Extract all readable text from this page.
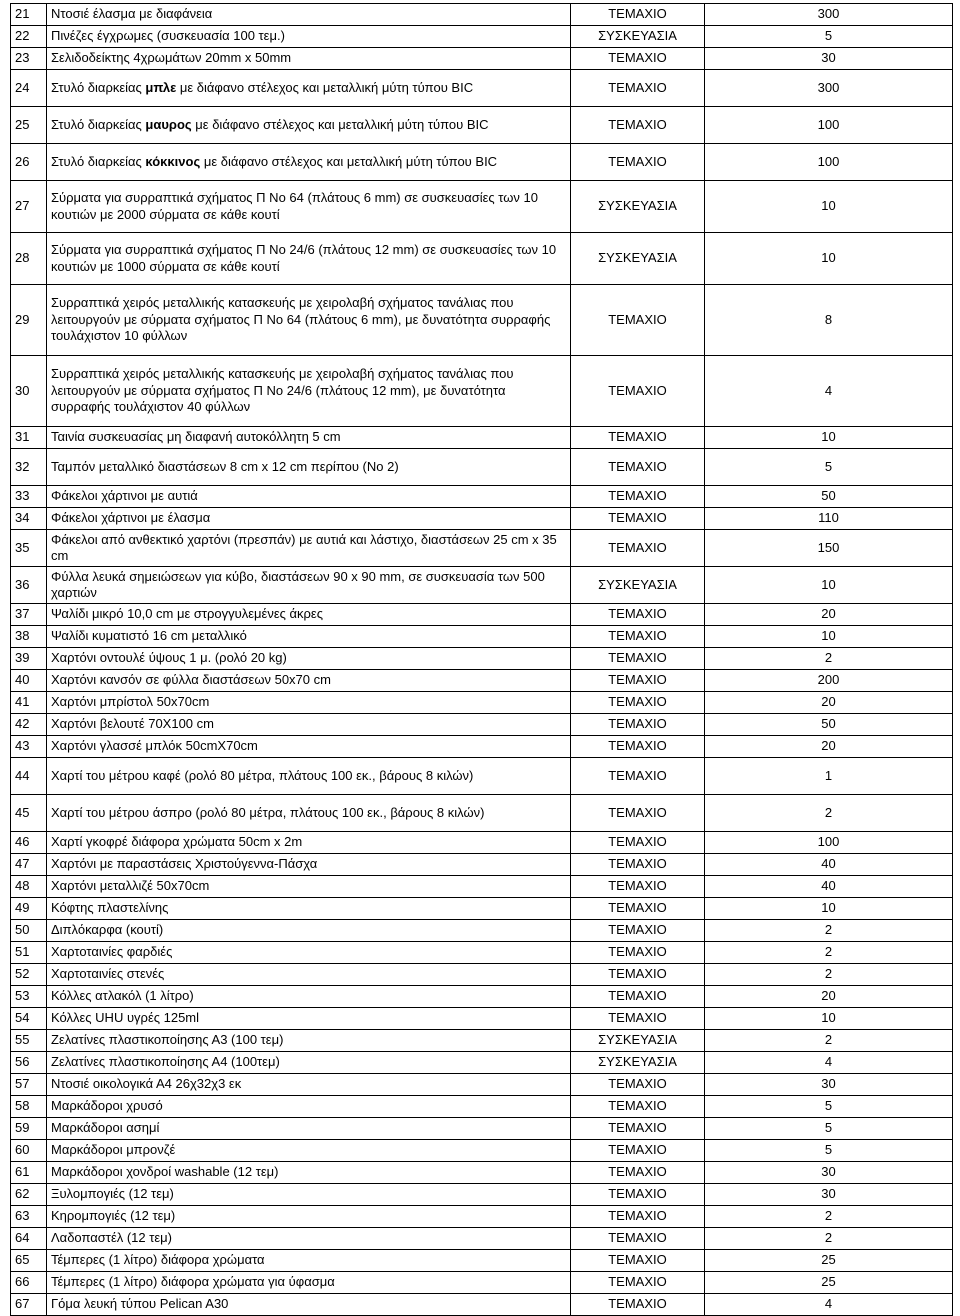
21	Ντοσιέ έλασμα με διαφάνεια	ΤΕΜΑΧΙΟ	300
22	Πινέζες έγχρωμες (συσκευασία 100 τεμ.)	ΣΥΣΚΕΥΑΣΙΑ	5
23	Σελιδοδείκτης 4χρωμάτων 20mm x 50mm	ΤΕΜΑΧΙΟ	30
24	Στυλό διαρκείας μπλε με διάφανο στέλεχος και μεταλλική μύτη τύπου BIC	ΤΕΜΑΧΙΟ	300
25	Στυλό διαρκείας μαυρος με διάφανο στέλεχος και μεταλλική μύτη τύπου BIC	ΤΕΜΑΧΙΟ	100
26	Στυλό διαρκείας κόκκινος με διάφανο στέλεχος και μεταλλική μύτη τύπου BIC	ΤΕΜΑΧΙΟ	100
27	Σύρματα για συρραπτικά σχήματος Π Νο 64 (πλάτους 6 mm) σε συσκευασίες των 10 κουτιών με 2000 σύρματα σε κάθε κουτί	ΣΥΣΚΕΥΑΣΙΑ	10
28	Σύρματα για συρραπτικά σχήματος Π Νο 24/6 (πλάτους 12 mm) σε συσκευασίες των 10 κουτιών με 1000 σύρματα σε κάθε κουτί	ΣΥΣΚΕΥΑΣΙΑ	10
29	Συρραπτικά χειρός μεταλλικής κατασκευής με χειρολαβή σχήματος τανάλιας που λειτουργούν με σύρματα σχήματος Π Νο 64 (πλάτους 6 mm), με δυνατότητα συρραφής τουλάχιστον 10 φύλλων	ΤΕΜΑΧΙΟ	8
30	Συρραπτικά χειρός μεταλλικής κατασκευής με χειρολαβή σχήματος τανάλιας που λειτουργούν με σύρματα σχήματος Π Νο 24/6 (πλάτους 12 mm), με δυνατότητα συρραφής τουλάχιστον 40 φύλλων	ΤΕΜΑΧΙΟ	4
31	Ταινία συσκευασίας μη διαφανή αυτοκόλλητη 5 cm	ΤΕΜΑΧΙΟ	10
32	Ταμπόν μεταλλικό διαστάσεων 8 cm x 12 cm περίπου (Νο 2)	ΤΕΜΑΧΙΟ	5
33	Φάκελοι χάρτινοι με αυτιά	ΤΕΜΑΧΙΟ	50
34	Φάκελοι χάρτινοι με έλασμα	ΤΕΜΑΧΙΟ	110
35	Φάκελοι από ανθεκτικό χαρτόνι (πρεσπάν) με αυτιά και λάστιχο, διαστάσεων 25 cm x 35 cm	ΤΕΜΑΧΙΟ	150
36	Φύλλα λευκά σημειώσεων για κύβο, διαστάσεων 90 x 90 mm, σε συσκευασία των 500 χαρτιών	ΣΥΣΚΕΥΑΣΙΑ	10
37	Ψαλίδι μικρό 10,0 cm με στρογγυλεμένες άκρες	ΤΕΜΑΧΙΟ	20
38	Ψαλίδι κυματιστό 16 cm μεταλλικό	ΤΕΜΑΧΙΟ	10
39	Χαρτόνι οντουλέ ύψους 1 μ. (ρολό 20 kg)	ΤΕΜΑΧΙΟ	2
40	Χαρτόνι κανσόν σε φύλλα διαστάσεων 50x70 cm	ΤΕΜΑΧΙΟ	200
41	Χαρτόνι μπρίστολ 50x70cm	ΤΕΜΑΧΙΟ	20
42	Χαρτόνι βελουτέ 70Χ100 cm	ΤΕΜΑΧΙΟ	50
43	Χαρτόνι γλασσέ μπλόκ 50cmX70cm	ΤΕΜΑΧΙΟ	20
44	Χαρτί του μέτρου καφέ (ρολό 80 μέτρα, πλάτους 100 εκ., βάρους 8 κιλών)	ΤΕΜΑΧΙΟ	1
45	Χαρτί του μέτρου άσπρο (ρολό 80 μέτρα, πλάτους 100 εκ., βάρους 8 κιλών)	ΤΕΜΑΧΙΟ	2
46	Χαρτί γκοφρέ διάφορα χρώματα 50cm x 2m	ΤΕΜΑΧΙΟ	100
47	Χαρτόνι με παραστάσεις Χριστούγεννα-Πάσχα	ΤΕΜΑΧΙΟ	40
48	Χαρτόνι μεταλλιζέ 50x70cm	ΤΕΜΑΧΙΟ	40
49	Κόφτης πλαστελίνης	ΤΕΜΑΧΙΟ	10
50	Διπλόκαρφα (κουτί)	ΤΕΜΑΧΙΟ	2
51	Χαρτοταινίες φαρδιές	ΤΕΜΑΧΙΟ	2
52	Χαρτοταινίες στενές	ΤΕΜΑΧΙΟ	2
53	Κόλλες ατλακόλ (1 λίτρο)	ΤΕΜΑΧΙΟ	20
54	Κόλλες UHU υγρές 125ml	ΤΕΜΑΧΙΟ	10
55	Ζελατίνες πλαστικοποίησης Α3 (100 τεμ)	ΣΥΣΚΕΥΑΣΙΑ	2
56	Ζελατίνες πλαστικοποίησης Α4 (100τεμ)	ΣΥΣΚΕΥΑΣΙΑ	4
57	Ντοσιέ οικολογικά Α4 26χ32χ3 εκ	ΤΕΜΑΧΙΟ	30
58	Μαρκάδοροι χρυσό	ΤΕΜΑΧΙΟ	5
59	Μαρκάδοροι ασημί	ΤΕΜΑΧΙΟ	5
60	Μαρκάδοροι μπρονζέ	ΤΕΜΑΧΙΟ	5
61	Μαρκάδοροι χονδροί washable (12 τεμ)	ΤΕΜΑΧΙΟ	30
62	Ξυλομπογιές (12 τεμ)	ΤΕΜΑΧΙΟ	30
63	Κηρομπογιές (12 τεμ)	ΤΕΜΑΧΙΟ	2
64	Λαδοπαστέλ (12 τεμ)	ΤΕΜΑΧΙΟ	2
65	Τέμπερες (1 λίτρο) διάφορα χρώματα	ΤΕΜΑΧΙΟ	25
66	Τέμπερες (1 λίτρο) διάφορα χρώματα για ύφασμα	ΤΕΜΑΧΙΟ	25
67	Γόμα λευκή τύπου Pelican A30	ΤΕΜΑΧΙΟ	4
